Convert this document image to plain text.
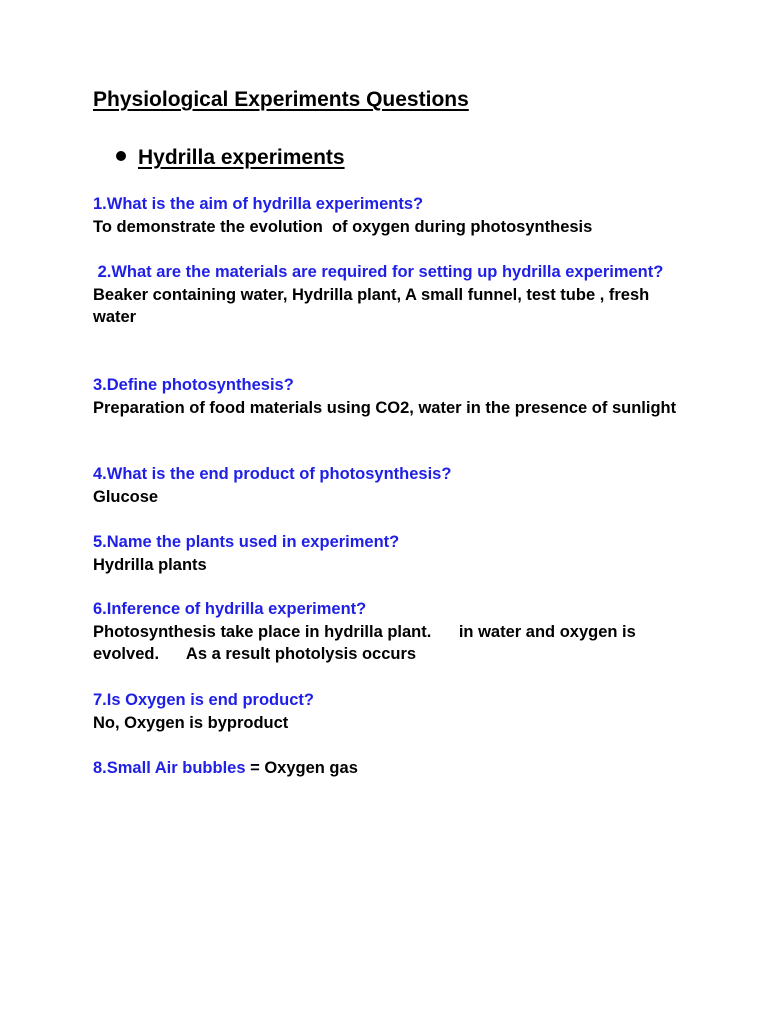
Physiological Experiments Questions
Hydrilla experiments
1.What is the aim of hydrilla experiments?
To demonstrate the evolution  of oxygen during photosynthesis
2.What are the materials are required for setting up hydrilla experiment?
Beaker containing water, Hydrilla plant, A small funnel, test tube , fresh water
3.Define photosynthesis?
Preparation of food materials using CO2, water in the presence of sunlight
4.What is the end product of photosynthesis?
Glucose
5.Name the plants used in experiment?
Hydrilla plants
6.Inference of hydrilla experiment?
Photosynthesis take place in hydrilla plant.      in water and oxygen is evolved.      As a result photolysis occurs
7.Is Oxygen is end product?
No, Oxygen is byproduct
8.Small Air bubbles = Oxygen gas
